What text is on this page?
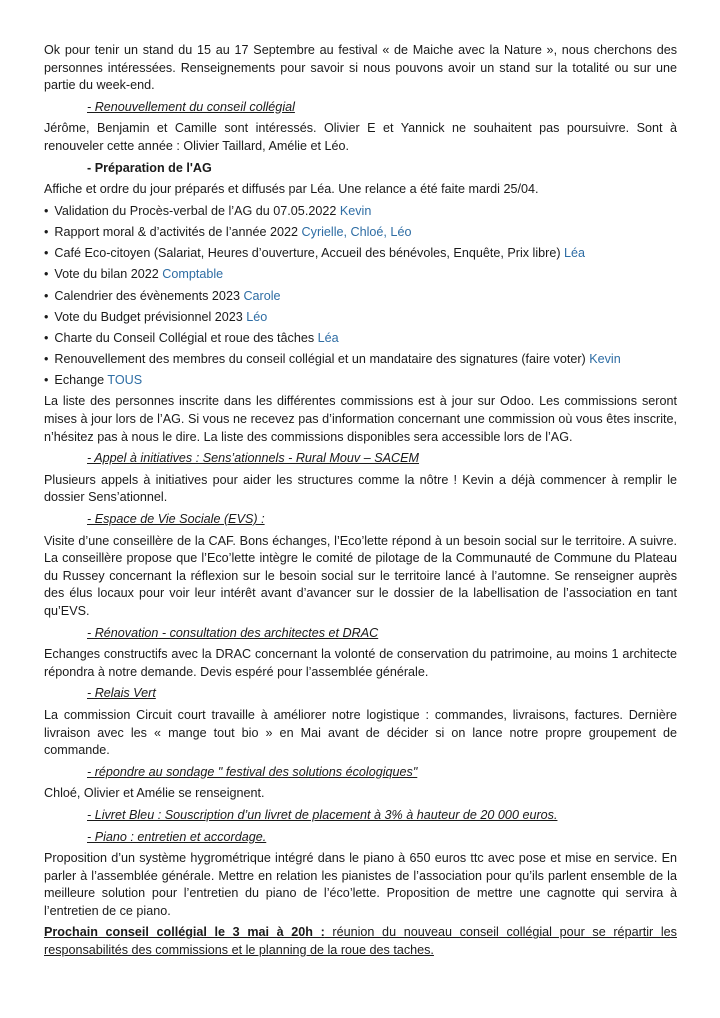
Ok pour tenir un stand du 15 au 17 Septembre au festival « de Maiche avec la Nature », nous cherchons des personnes intéressées. Renseignements pour savoir si nous pouvons avoir un stand sur la totalité ou sur une partie du week-end.

- Renouvellement du conseil collégial

Jérôme, Benjamin et Camille sont intéressés. Olivier E et Yannick ne souhaitent pas poursuivre. Sont à renouveler cette année : Olivier Taillard, Amélie et Léo.

- Préparation de l'AG

Affiche et ordre du jour préparés et diffusés par Léa. Une relance a été faite mardi 25/04.

• Validation du Procès-verbal de l’AG du 07.05.2022 Kevin
• Rapport moral & d’activités de l’année 2022 Cyrielle, Chloé, Léo
• Café Eco-citoyen (Salariat, Heures d’ouverture, Accueil des bénévoles, Enquête, Prix libre) Léa
• Vote du bilan 2022 Comptable
• Calendrier des évènements 2023 Carole
• Vote du Budget prévisionnel 2023 Léo
• Charte du Conseil Collégial et roue des tâches Léa
• Renouvellement des membres du conseil collégial et un mandataire des signatures (faire voter) Kevin
• Echange TOUS

La liste des personnes inscrite dans les différentes commissions est à jour sur Odoo. Les commissions seront mises à jour lors de l’AG. Si vous ne recevez pas d’information concernant une commission où vous êtes inscrite, n’hésitez pas à nous le dire. La liste des commissions disponibles sera accessible lors de l’AG.

- Appel à initiatives : Sens’ationnels - Rural Mouv – SACEM

Plusieurs appels à initiatives pour aider les structures comme la nôtre ! Kevin a déjà commencer à remplir le dossier Sens’ationnel.

- Espace de Vie Sociale (EVS) :

Visite d’une conseillère de la CAF. Bons échanges, l’Eco’lette répond à un besoin social sur le territoire. A suivre. La conseillère propose que l’Eco’lette intègre le comité de pilotage de la Communauté de Commune du Plateau du Russey concernant la réflexion sur le besoin social sur le territoire lancé à l’automne. Se renseigner auprès des élus locaux pour voir leur intérêt avant d’avancer sur le dossier de la labellisation de l’association en tant qu’EVS.

- Rénovation - consultation des architectes et DRAC

Echanges constructifs avec la DRAC concernant la volonté de conservation du patrimoine, au moins 1 architecte répondra à notre demande. Devis espéré pour l’assemblée générale.

- Relais Vert

La commission Circuit court travaille à améliorer notre logistique : commandes, livraisons, factures. Dernière livraison avec les « mange tout bio » en Mai avant de décider si on lance notre propre groupement de commande.

- répondre au sondage " festival des solutions écologiques"

Chloé, Olivier et Amélie se renseignent.

- Livret Bleu : Souscription d’un livret de placement à 3% à hauteur de 20 000 euros.
- Piano : entretien et accordage.

Proposition d’un système hygrométrique intégré dans le piano à 650 euros ttc avec pose et mise en service. En parler à l’assemblée générale. Mettre en relation les pianistes de l’association pour qu’ils parlent ensemble de la meilleure solution pour l’entretien du piano de l’éco’lette. Proposition de mettre une cagnotte qui servira à l’entretien de ce piano.

Prochain conseil collégial le 3 mai à 20h : réunion du nouveau conseil collégial pour se répartir les responsabilités des commissions et le planning de la roue des taches.
